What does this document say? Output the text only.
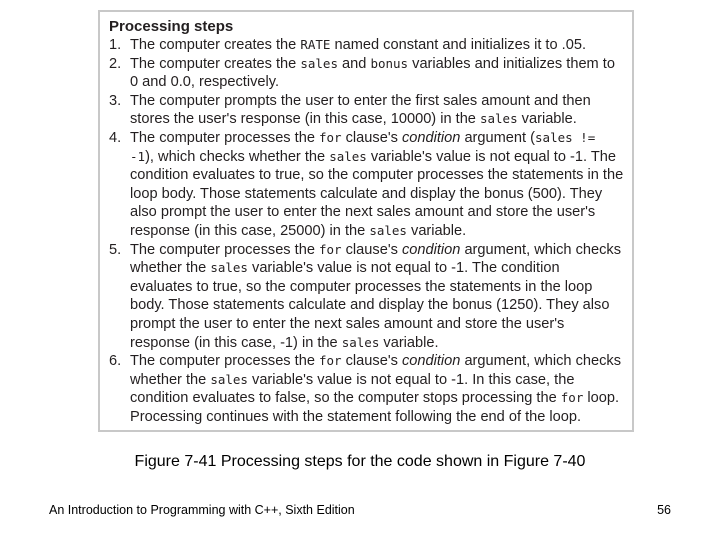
Processing steps
1. The computer creates the RATE named constant and initializes it to .05.
2. The computer creates the sales and bonus variables and initializes them to 0 and 0.0, respectively.
3. The computer prompts the user to enter the first sales amount and then stores the user's response (in this case, 10000) in the sales variable.
4. The computer processes the for clause's condition argument (sales != -1), which checks whether the sales variable's value is not equal to -1. The condition evaluates to true, so the computer processes the statements in the loop body. Those statements calculate and display the bonus (500). They also prompt the user to enter the next sales amount and store the user's response (in this case, 25000) in the sales variable.
5. The computer processes the for clause's condition argument, which checks whether the sales variable's value is not equal to -1. The condition evaluates to true, so the computer processes the statements in the loop body. Those statements calculate and display the bonus (1250). They also prompt the user to enter the next sales amount and store the user's response (in this case, -1) in the sales variable.
6. The computer processes the for clause's condition argument, which checks whether the sales variable's value is not equal to -1. In this case, the condition evaluates to false, so the computer stops processing the for loop. Processing continues with the statement following the end of the loop.
Figure 7-41 Processing steps for the code shown in Figure 7-40
An Introduction to Programming with C++, Sixth Edition	56
